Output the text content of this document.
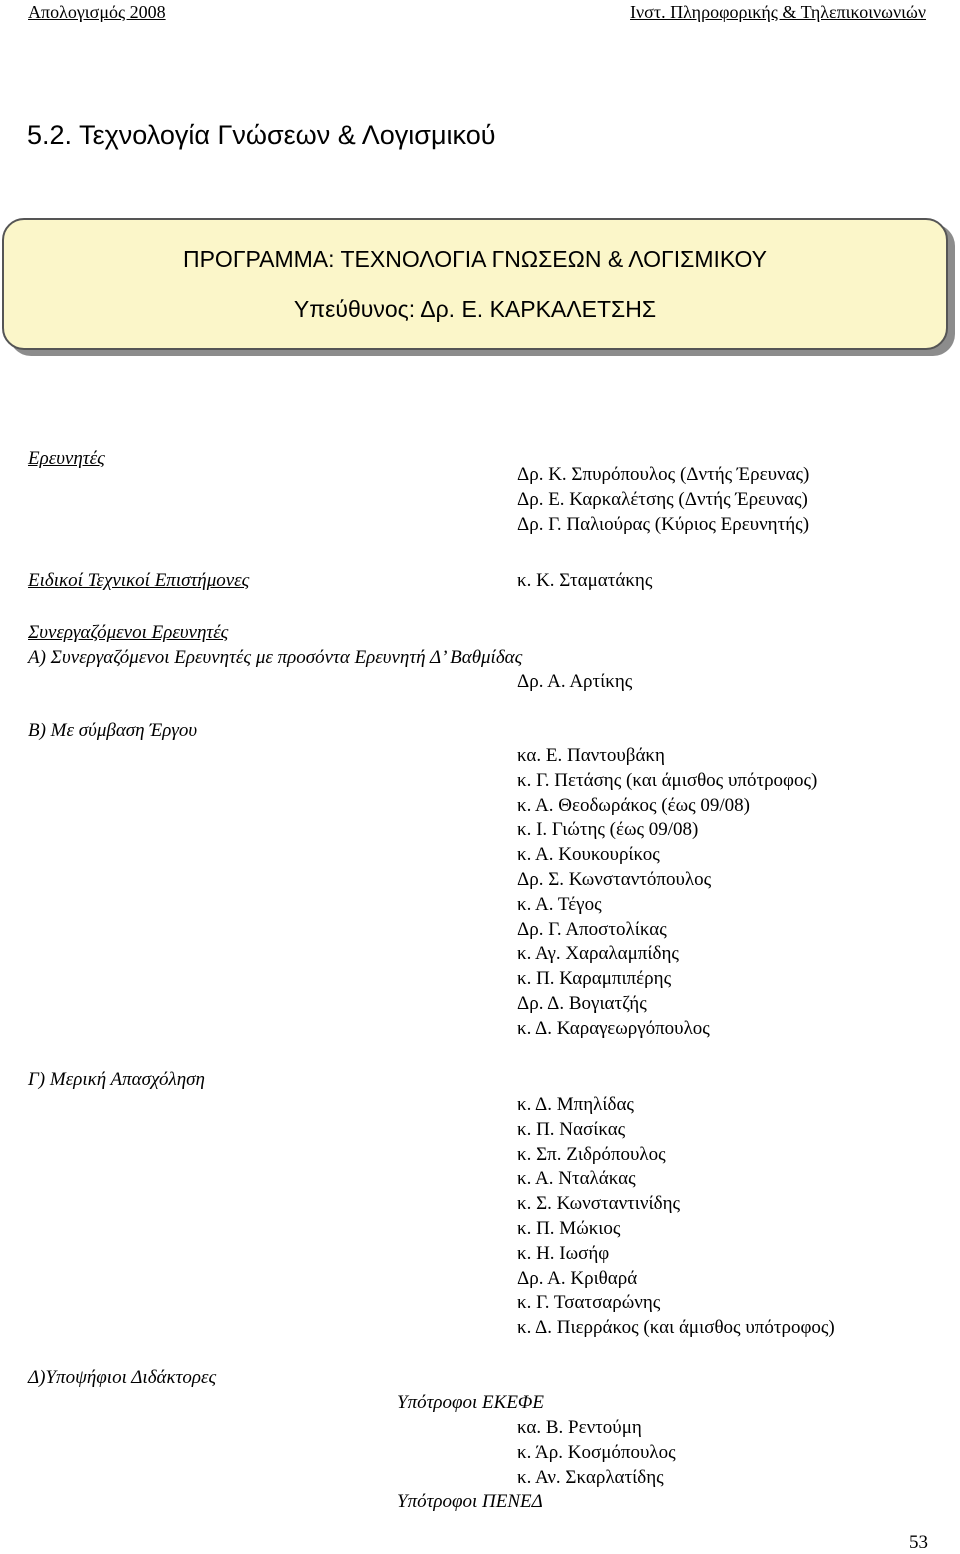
Απολογισμός 2008	Ινστ. Πληροφορικής & Τηλεπικοινωνιών
5.2. Τεχνολογία Γνώσεων & Λογισμικού
ΠΡΟΓΡΑΜΜΑ: ΤΕΧΝΟΛΟΓΙΑ ΓΝΩΣΕΩΝ & ΛΟΓΙΣΜΙΚΟΥ
Υπεύθυνος: Δρ. Ε. ΚΑΡΚΑΛΕΤΣΗΣ
Ερευνητές
Δρ. Κ. Σπυρόπουλος (Δντής Έρευνας)
Δρ. Ε. Καρκαλέτσης (Δντής Έρευνας)
Δρ. Γ. Παλιούρας (Κύριος Ερευνητής)
Ειδικοί Τεχνικοί Επιστήμονες	κ. Κ. Σταματάκης
Συνεργαζόμενοι Ερευνητές
Α) Συνεργαζόμενοι Ερευνητές με προσόντα Ερευνητή Δ’ Βαθμίδας
Δρ. Α. Αρτίκης
Β) Με σύμβαση Έργου
κα. Ε. Παντουβάκη
κ. Γ. Πετάσης (και άμισθος υπότροφος)
κ. Α. Θεοδωράκος (έως 09/08)
κ. Ι. Γιώτης (έως 09/08)
κ. Α. Κουκουρίκος
Δρ. Σ. Κωνσταντόπουλος
κ. Α. Τέγος
Δρ. Γ. Αποστολίκας
κ. Αγ. Χαραλαμπίδης
κ. Π. Καραμπιπέρης
Δρ. Δ. Βογιατζής
κ. Δ. Καραγεωργόπουλος
Γ) Μερική Απασχόληση
κ. Δ. Μπηλίδας
κ. Π. Νασίκας
κ. Σπ. Ζιδρόπουλος
κ. Α. Νταλάκας
κ. Σ. Κωνσταντινίδης
κ. Π. Μώκιος
κ. Η. Ιωσήφ
Δρ. Α. Κριθαρά
κ. Γ. Τσατσαρώνης
κ. Δ. Πιερράκος (και άμισθος υπότροφος)
Δ)Υποψήφιοι Διδάκτορες
Υπότροφοι ΕΚΕΦΕ
κα. Β. Ρεντούμη
κ. Άρ. Κοσμόπουλος
κ. Αν. Σκαρλατίδης
Υπότροφοι ΠΕΝΕΔ
53
